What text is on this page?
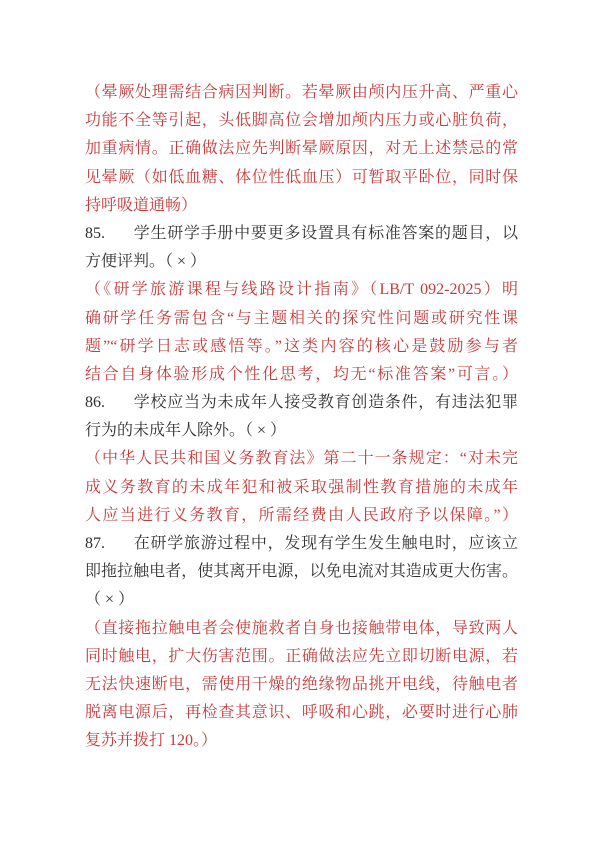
（晕厥处理需结合病因判断。若晕厥由颅内压升高、严重心
功能不全等引起，头低脚高位会增加颅内压力或心脏负荷，
加重病情。正确做法应先判断晕厥原因，对无上述禁忌的常
见晕厥（如低血糖、体位性低血压）可暂取平卧位，同时保
持呼吸道通畅）
85. 学生研学手册中要更多设置具有标准答案的题目，以
方便评判。（ × ）
（《研学旅游课程与线路设计指南》（LB/T 092-2025）明
确研学任务需包含“与主题相关的探究性问题或研究性课
题”“研学日志或感悟等。”这类内容的核心是鼓励参与者
结合自身体验形成个性化思考，均无“标准答案”可言。）
86. 学校应当为未成年人接受教育创造条件，有违法犯罪
行为的未成年人除外。（ × ）
（中华人民共和国义务教育法》第二十一条规定：“对未完
成义务教育的未成年犯和被采取强制性教育措施的未成年
人应当进行义务教育，所需经费由人民政府予以保障。”）
87. 在研学旅游过程中，发现有学生发生触电时，应该立
即拖拉触电者，使其离开电源，以免电流对其造成更大伤害。
（ × ）
（直接拖拉触电者会使施救者自身也接触带电体，导致两人
同时触电，扩大伤害范围。正确做法应先立即切断电源，若
无法快速断电，需使用干燥的绝缘物品挑开电线，待触电者
脱离电源后，再检查其意识、呼吸和心跳，必要时进行心肺
复苏并拨打 120。）
